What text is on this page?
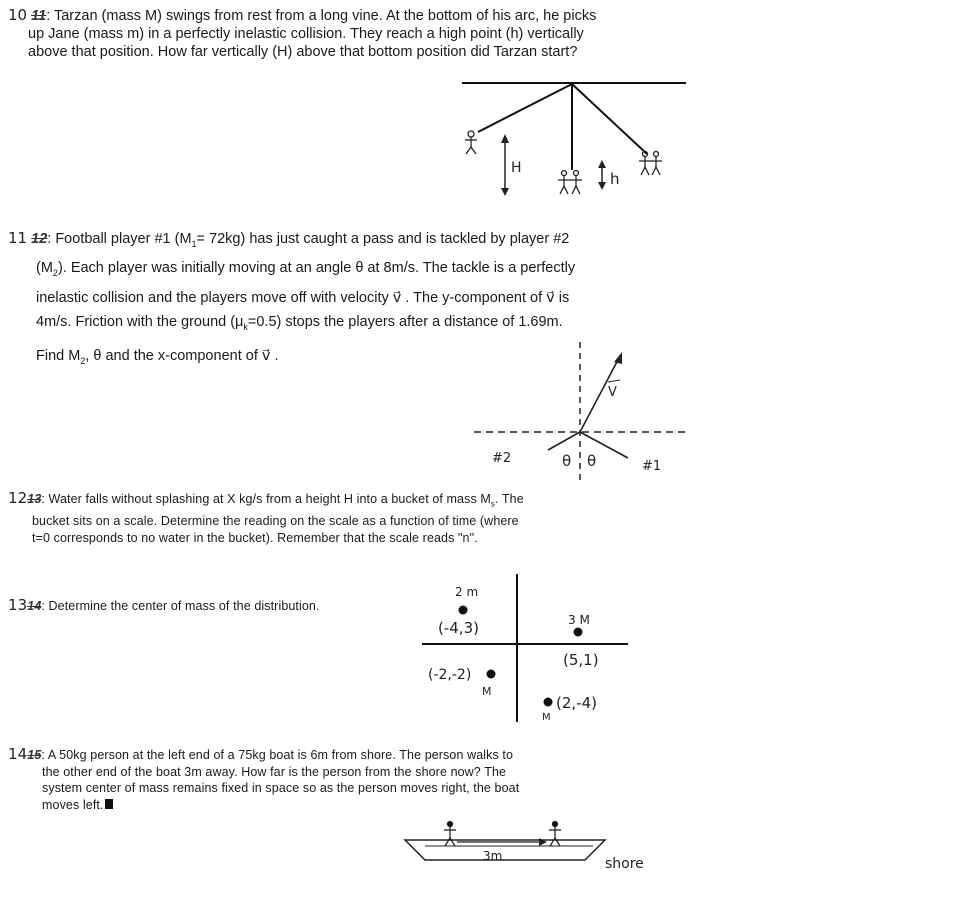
10 11: Tarzan (mass M) swings from rest from a long vine. At the bottom of his arc, he picks
up Jane (mass m) in a perfectly inelastic collision. They reach a high point (h) vertically
above that position. How far vertically (H) above that bottom position did Tarzan start?
H
h
11 12: Football player #1 $(M_1= 72kg)$ has just caught a pass and is tackled by player #2
$(M_2)$. Each player was initially moving at an angle θ at 8m/s. The tackle is a perfectly
inelastic collision and the players move off with velocity v⃗ . The y-component of v⃗ is
4m/s. Friction with the ground $(\mu_k=0.5)$ stops the players after a distance of 1.69m.
Find $M_2$, θ and the x-component of v⃗ .
V
#2
#1
θ θ
1213: Water falls without splashing at X kg/s from a height H into a bucket of mass $M_s$. The
bucket sits on a scale. Determine the reading on the scale as a function of time (where
t=0 corresponds to no water in the bucket). Remember that the scale reads "n".
1314: Determine the center of mass of the distribution.
2 m
(-4,3)	3 M
(5,1)
(-2,-2)
M
(2,-4)
M
1415: A 50kg person at the left end of a 75kg boat is 6m from shore. The person walks to
the other end of the boat 3m away. How far is the person from the shore now? The
system center of mass remains fixed in space so as the person moves right, the boat
moves left.
3m	shore
